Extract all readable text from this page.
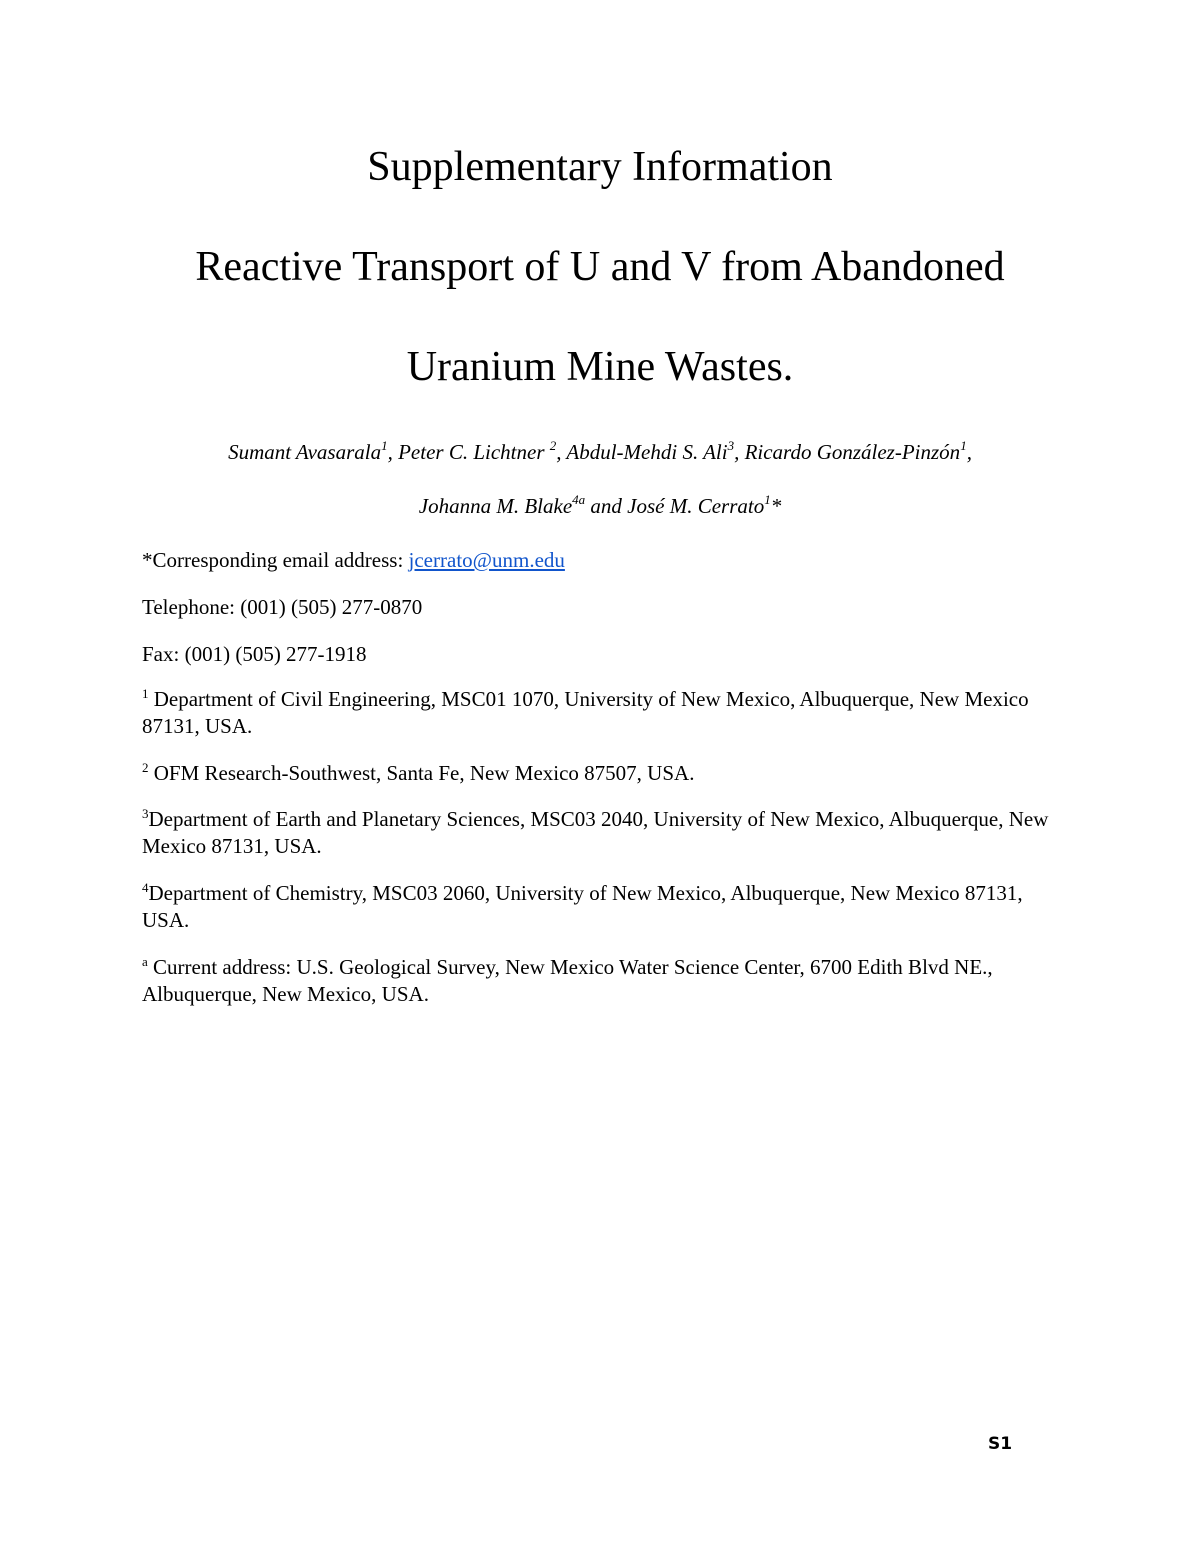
Supplementary Information
Reactive Transport of U and V from Abandoned
Uranium Mine Wastes.
Sumant Avasarala$^1$, Peter C. Lichtner $^2$, Abdul-Mehdi S. Ali$^3$, Ricardo González-Pinzón$^1$,
Johanna M. Blake$^{4a}$ and José M. Cerrato$^1$*
*Corresponding email address: jcerrato@unm.edu
Telephone: (001) (505) 277-0870
Fax: (001) (505) 277-1918
$^1$ Department of Civil Engineering, MSC01 1070, University of New Mexico, Albuquerque, New Mexico 87131, USA.
$^2$ OFM Research-Southwest, Santa Fe, New Mexico 87507, USA.
$^3$Department of Earth and Planetary Sciences, MSC03 2040, University of New Mexico, Albuquerque, New Mexico 87131, USA.
$^4$Department of Chemistry, MSC03 2060, University of New Mexico, Albuquerque, New Mexico 87131, USA.
$^a$ Current address: U.S. Geological Survey, New Mexico Water Science Center, 6700 Edith Blvd NE., Albuquerque, New Mexico, USA.
S1
